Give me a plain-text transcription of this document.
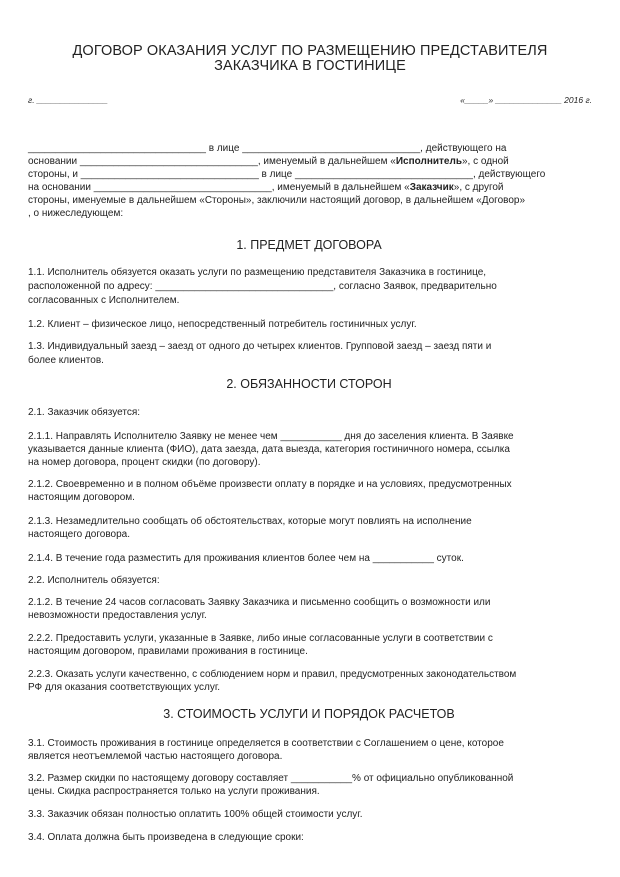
ДОГОВОР ОКАЗАНИЯ УСЛУГ ПО РАЗМЕЩЕНИЮ ПРЕДСТАВИТЕЛЯ
ЗАКАЗЧИКА В ГОСТИНИЦЕ
г. _______________	«_____» ______________ 2016 г.
________________________________ в лице ________________________________, действующего на
основании ________________________________, именуемый в дальнейшем «Исполнитель», с одной
стороны, и ________________________________ в лице ________________________________, действующего
на основании ________________________________, именуемый в дальнейшем «Заказчик», с другой
стороны, именуемые в дальнейшем «Стороны», заключили настоящий договор, в дальнейшем «Договор»
, о нижеследующем:
1. ПРЕДМЕТ ДОГОВОРА
1.1. Исполнитель обязуется оказать услуги по размещению представителя Заказчика в гостинице,
расположенной по адресу: ________________________________, согласно Заявок, предварительно
согласованных с Исполнителем.
1.2. Клиент – физическое лицо, непосредственный потребитель гостиничных услуг.
1.3. Индивидуальный заезд – заезд от одного до четырех клиентов. Групповой заезд – заезд пяти и
более клиентов.
2. ОБЯЗАННОСТИ СТОРОН
2.1. Заказчик обязуется:
2.1.1. Направлять Исполнителю Заявку не менее чем ___________ дня до заселения клиента. В Заявке
указывается данные клиента (ФИО), дата заезда, дата выезда, категория гостиничного номера, ссылка
на номер договора, процент скидки (по договору).
2.1.2. Своевременно и в полном объёме произвести оплату в порядке и на условиях, предусмотренных
настоящим договором.
2.1.3. Незамедлительно сообщать об обстоятельствах, которые могут повлиять на исполнение
настоящего договора.
2.1.4. В течение года разместить для проживания клиентов более чем на ___________ суток.
2.2. Исполнитель обязуется:
2.1.2. В течение 24 часов согласовать Заявку Заказчика и письменно сообщить о возможности или
невозможности предоставления услуг.
2.2.2. Предоставить услуги, указанные в Заявке, либо иные согласованные услуги в соответствии с
настоящим договором, правилами проживания в гостинице.
2.2.3. Оказать услуги качественно, с соблюдением норм и правил, предусмотренных законодательством
РФ для оказания соответствующих услуг.
3. СТОИМОСТЬ УСЛУГИ И ПОРЯДОК РАСЧЕТОВ
3.1. Стоимость проживания в гостинице определяется в соответствии с Соглашением о цене, которое
является неотъемлемой частью настоящего договора.
3.2. Размер скидки по настоящему договору составляет ___________% от официально опубликованной
цены. Скидка распространяется только на услуги проживания.
3.3. Заказчик обязан полностью оплатить 100% общей стоимости услуг.
3.4. Оплата должна быть произведена в следующие сроки:
